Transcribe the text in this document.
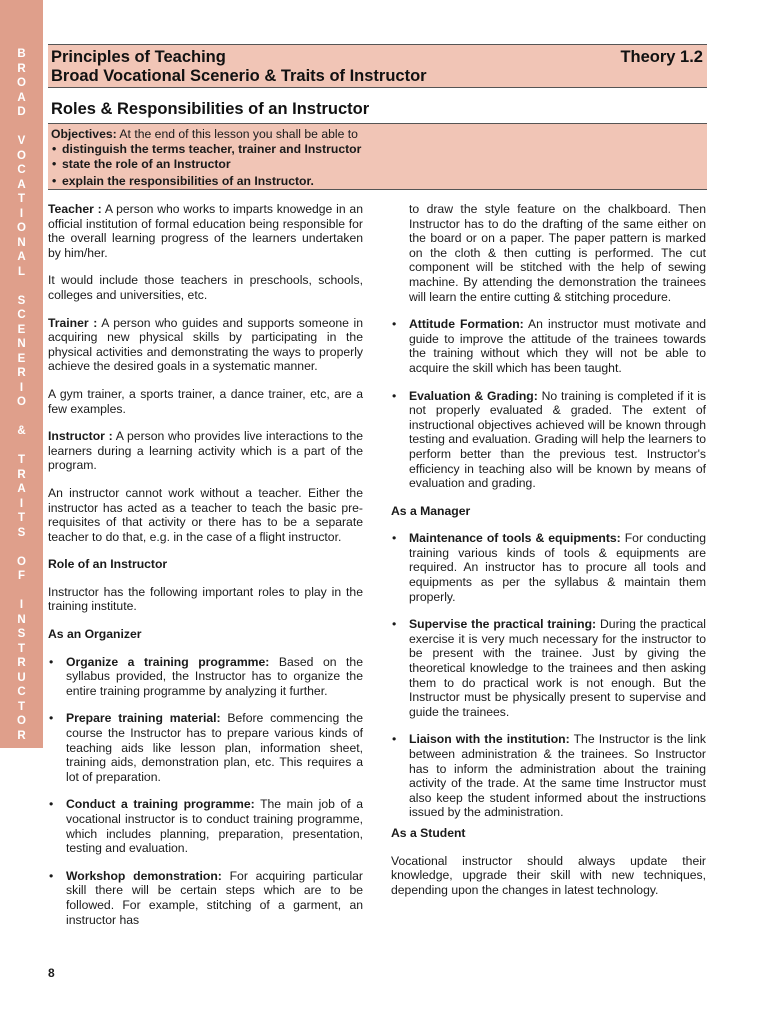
B
R
O
A
D

V
O
C
A
T
I
O
N
A
L

S
C
E
N
E
R
I
O

&

T
R
A
I
T
S

O
F

I
N
S
T
R
U
C
T
O
R
Principles of Teaching
Broad Vocational Scenerio & Traits of Instructor
Theory 1.2
Roles & Responsibilities of an Instructor
Objectives: At the end of this lesson you shall be able to
• distinguish the terms teacher, trainer and Instructor
• state the role of an Instructor
• explain the responsibilities of an Instructor.

Teacher : A person who works to imparts knowedge in an official institution of formal education being responsible for the overall learning progress of the learners undertaken by him/her.

It would include those teachers in preschools, schools, colleges and universities, etc.

Trainer : A person who guides and supports someone in acquiring new physical skills by participating in the physical activities and demonstrating the ways to properly achieve the desired goals in a systematic manner.

A gym trainer, a sports trainer, a dance trainer, etc, are a few examples.

Instructor : A person who provides live interactions to the learners during a learning activity which is a part of the program.

An instructor cannot work without a teacher. Either the instructor has acted as a teacher to teach the basic pre-requisites of that activity or there has to be a separate teacher to do that, e.g. in the case of a flight instructor.

Role of an Instructor

Instructor has the following important roles to play in the training institute.

As an Organizer
• Organize a training programme: Based on the syllabus provided, the Instructor has to organize the entire training programme by analyzing it further.
• Prepare training material: Before commencing the course the Instructor has to prepare various kinds of teaching aids like lesson plan, information sheet, training aids, demonstration plan, etc. This requires a lot of preparation.
• Conduct a training programme: The main job of a vocational instructor is to conduct training programme, which includes planning, preparation, presentation, testing and evaluation.
• Workshop demonstration: For acquiring particular skill there will be certain steps which are to be followed. For example, stitching of a garment, an instructor has
to draw the style feature on the chalkboard. Then Instructor has to do the drafting of the same either on the board or on a paper. The paper pattern is marked on the cloth & then cutting is performed. The cut component will be stitched with the help of sewing machine. By attending the demonstration the trainees will learn the entire cutting & stitching procedure.
• Attitude Formation: An instructor must motivate and guide to improve the attitude of the trainees towards the training without which they will not be able to acquire the skill which has been taught.
• Evaluation & Grading: No training is completed if it is not properly evaluated & graded. The extent of instructional objectives achieved will be known through testing and evaluation. Grading will help the learners to perform better than the previous test. Instructor's efficiency in teaching also will be known by means of evaluation and grading.
As a Manager
• Maintenance of tools & equipments: For conducting training various kinds of tools & equipments are required. An instructor has to procure all tools and equipments as per the syllabus & maintain them properly.
• Supervise the practical training: During the practical exercise it is very much necessary for the instructor to be present with the trainee. Just by giving the theoretical knowledge to the trainees and then asking them to do practical work is not enough. But the Instructor must be physically present to supervise and guide the trainees.
• Liaison with the institution: The Instructor is the link between administration & the trainees. So Instructor has to inform the administration about the training activity of the trade. At the same time Instructor must also keep the student informed about the instructions issued by the administration.
As a Student

Vocational instructor should always update their knowledge, upgrade their skill with new techniques, depending upon the changes in latest technology.

8
